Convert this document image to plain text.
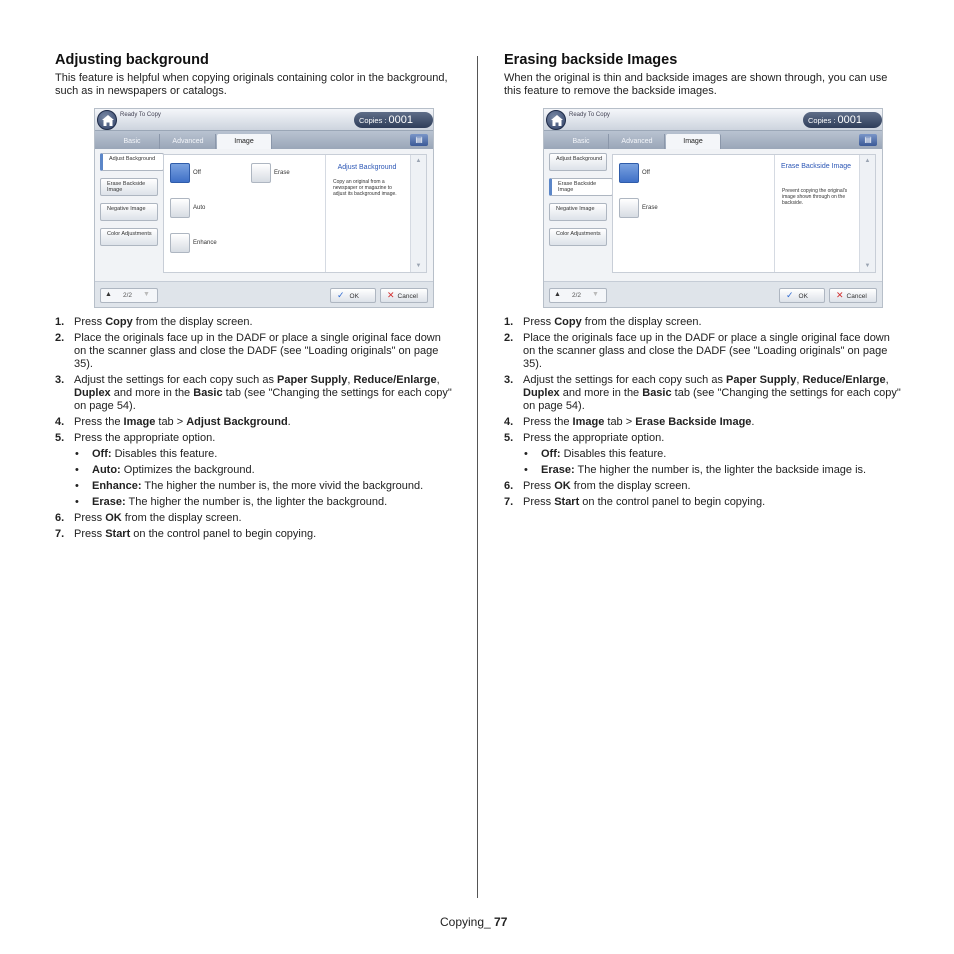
Adjusting background

This feature is helpful when copying originals containing color in the background, such as in newspapers or catalogs.

Ready To Copy
Copies : 0001
Basic	Advanced	Image	▤
Adjust Background
Erase Backside Image
Negative Image
Color Adjustments
Off
Auto
Enhance
Erase
Adjust Background
Copy an original from a newspaper or magazine to adjust its background image.
▲
▼
▲ 2/2 ▼	✓ OK	✕ Cancel
1. Press Copy from the display screen.
2. Place the originals face up in the DADF or place a single original face down on the scanner glass and close the DADF (see "Loading originals" on page 35).
3. Adjust the settings for each copy such as Paper Supply, Reduce/Enlarge, Duplex and more in the Basic tab (see "Changing the settings for each copy" on page 54).
4. Press the Image tab > Adjust Background.
5. Press the appropriate option.
• Off: Disables this feature.
• Auto: Optimizes the background.
• Enhance: The higher the number is, the more vivid the background.
• Erase: The higher the number is, the lighter the background.
6. Press OK from the display screen.
7. Press Start on the control panel to begin copying.
Erasing backside Images

When the original is thin and backside images are shown through, you can use this feature to remove the backside images.

Ready To Copy
Copies : 0001
Basic	Advanced	Image	▤
Adjust Background
Erase Backside Image
Negative Image
Color Adjustments
Off
Erase
Erase Backside Image
Prevent copying the original's image shown through on the backside.
▲
▼
▲ 2/2 ▼	✓ OK	✕ Cancel
1. Press Copy from the display screen.
2. Place the originals face up in the DADF or place a single original face down on the scanner glass and close the DADF (see "Loading originals" on page 35).
3. Adjust the settings for each copy such as Paper Supply, Reduce/Enlarge, Duplex and more in the Basic tab (see "Changing the settings for each copy" on page 54).
4. Press the Image tab > Erase Backside Image.
5. Press the appropriate option.
• Off: Disables this feature.
• Erase: The higher the number is, the lighter the backside image is.
6. Press OK from the display screen.
7. Press Start on the control panel to begin copying.
Copying_ 77
